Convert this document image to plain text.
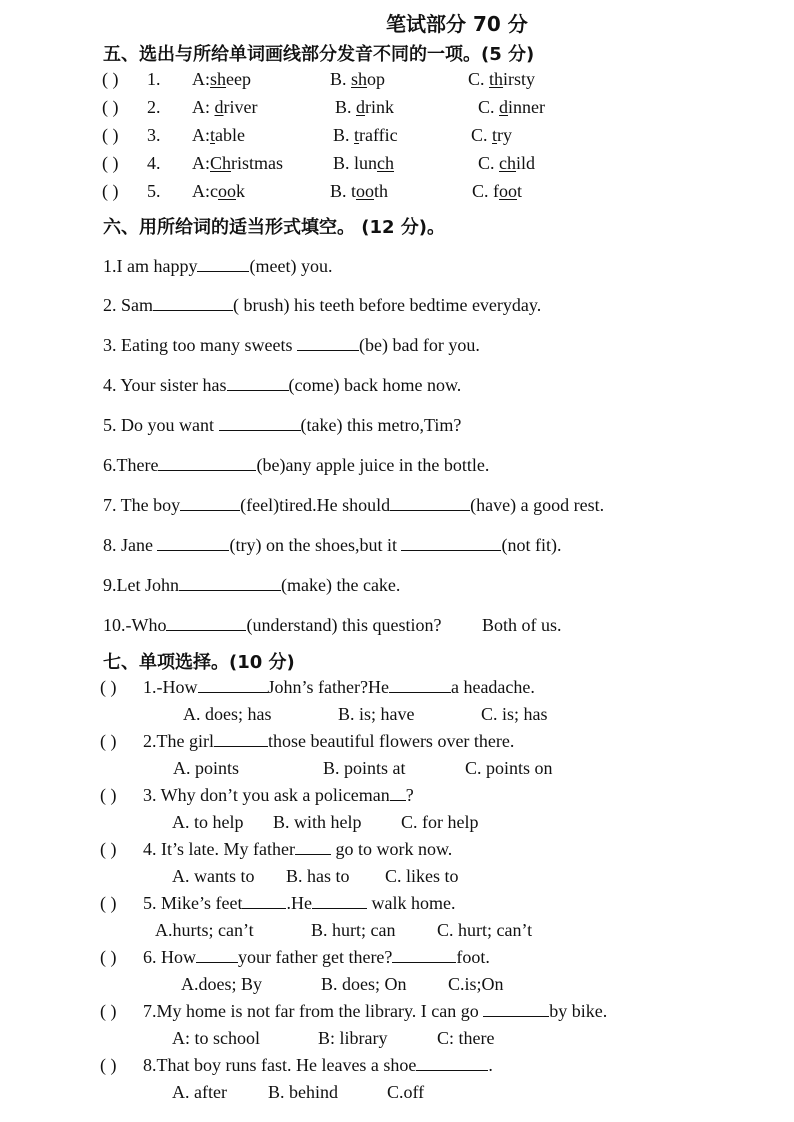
笔试部分 70 分
五、选出与所给单词画线部分发音不同的一项。(5 分)
( ) 1. A:sheep	B. shop	C. thirsty
( ) 2. A: driver	B. drink	C. dinner
( ) 3. A:table	B. traffic	C. try
( ) 4. A:Christmas	B. lunch	C. child
( ) 5. A:cook	B. tooth	C. foot
六、用所给词的适当形式填空。 (12 分)。
1.I am happy	(meet) you.
2. Sam	( brush) his teeth before bedtime everyday.
3. Eating too many sweets	(be) bad for you.
4. Your sister has	(come) back home now.
5. Do you want	(take) this metro,Tim?
6.There	(be)any apple juice in the bottle.
7. The boy	(feel)tired.He should	(have) a good rest.
8. Jane	(try) on the shoes,but it	(not fit).
9.Let John	(make) the cake.
10.-Who	(understand) this question? Both of us.
七、单项选择。(10 分)
( ) 1.-How	John’s father?He	a headache.
A. does; has	B. is; have	C. is; has
( ) 2.The girl	those beautiful flowers over there.
A. points	B. points at	C. points on
( ) 3. Why don’t you ask a policeman ?
A. to help B. with help C. for help
( ) 4. It’s late. My father go to work now.
A. wants to B. has to C. likes to
( ) 5. Mike’s feet .He	walk home.
A.hurts; can’t	B. hurt; can C. hurt; can’t
( ) 6. How your father get there?	foot.
A.does; By	B. does; On C.is;On
( ) 7.My home is not far from the library. I can go	by bike.
A: to school	B: library	C: there
( ) 8.That boy runs fast. He leaves a shoe	.
A. after B. behind	C.off
